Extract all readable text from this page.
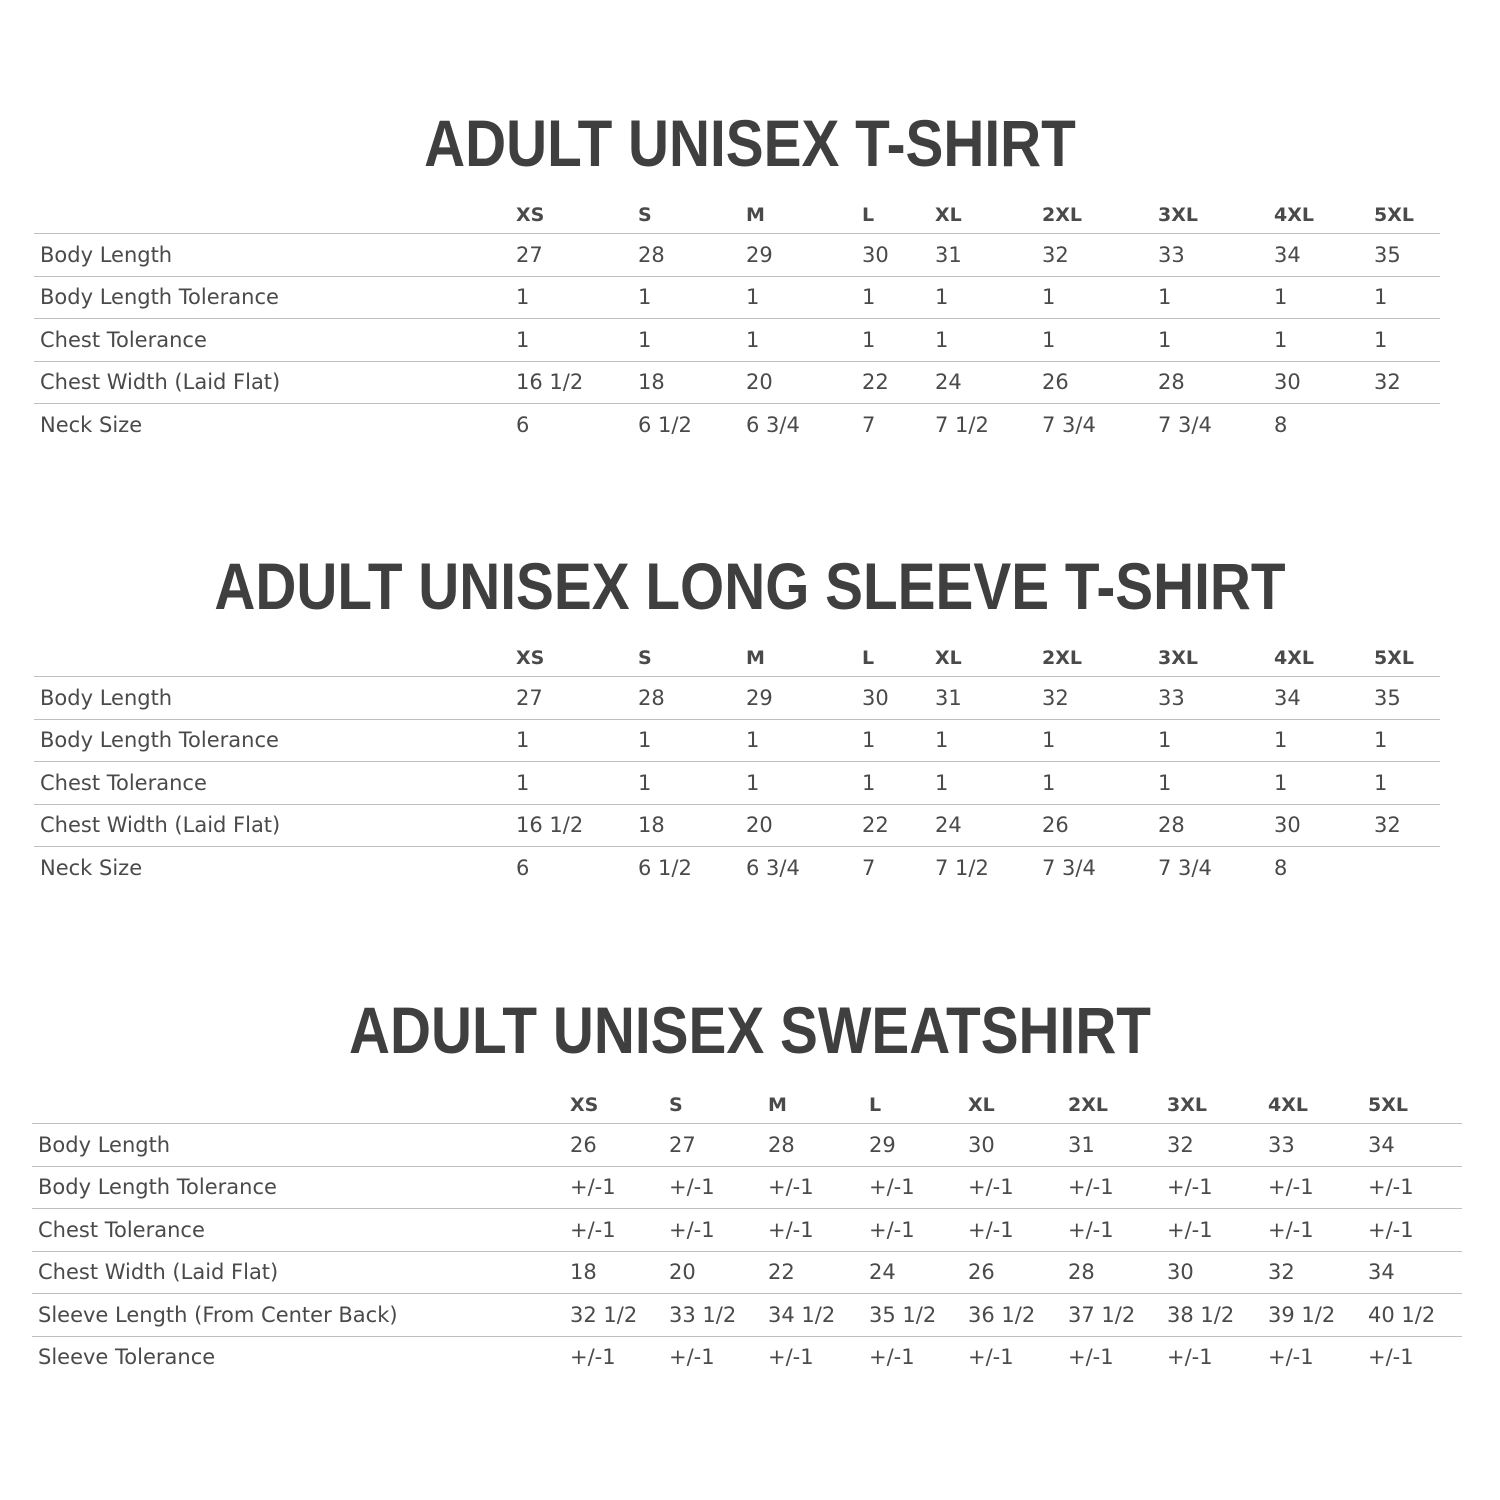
ADULT UNISEX T-SHIRT
	XS	S	M	L	XL	2XL	3XL	4XL	5XL
Body Length	27	28	29	30	31	32	33	34	35
Body Length Tolerance	1	1	1	1	1	1	1	1	1
Chest Tolerance	1	1	1	1	1	1	1	1	1
Chest Width (Laid Flat)	16 1/2	18	20	22	24	26	28	30	32
Neck Size	6	6 1/2	6 3/4	7	7 1/2	7 3/4	7 3/4	8	
ADULT UNISEX LONG SLEEVE T-SHIRT
	XS	S	M	L	XL	2XL	3XL	4XL	5XL
Body Length	27	28	29	30	31	32	33	34	35
Body Length Tolerance	1	1	1	1	1	1	1	1	1
Chest Tolerance	1	1	1	1	1	1	1	1	1
Chest Width (Laid Flat)	16 1/2	18	20	22	24	26	28	30	32
Neck Size	6	6 1/2	6 3/4	7	7 1/2	7 3/4	7 3/4	8	
ADULT UNISEX SWEATSHIRT
	XS	S	M	L	XL	2XL	3XL	4XL	5XL
Body Length	26	27	28	29	30	31	32	33	34
Body Length Tolerance	+/-1	+/-1	+/-1	+/-1	+/-1	+/-1	+/-1	+/-1	+/-1
Chest Tolerance	+/-1	+/-1	+/-1	+/-1	+/-1	+/-1	+/-1	+/-1	+/-1
Chest Width (Laid Flat)	18	20	22	24	26	28	30	32	34
Sleeve Length (From Center Back)	32 1/2	33 1/2	34 1/2	35 1/2	36 1/2	37 1/2	38 1/2	39 1/2	40 1/2
Sleeve Tolerance	+/-1	+/-1	+/-1	+/-1	+/-1	+/-1	+/-1	+/-1	+/-1
